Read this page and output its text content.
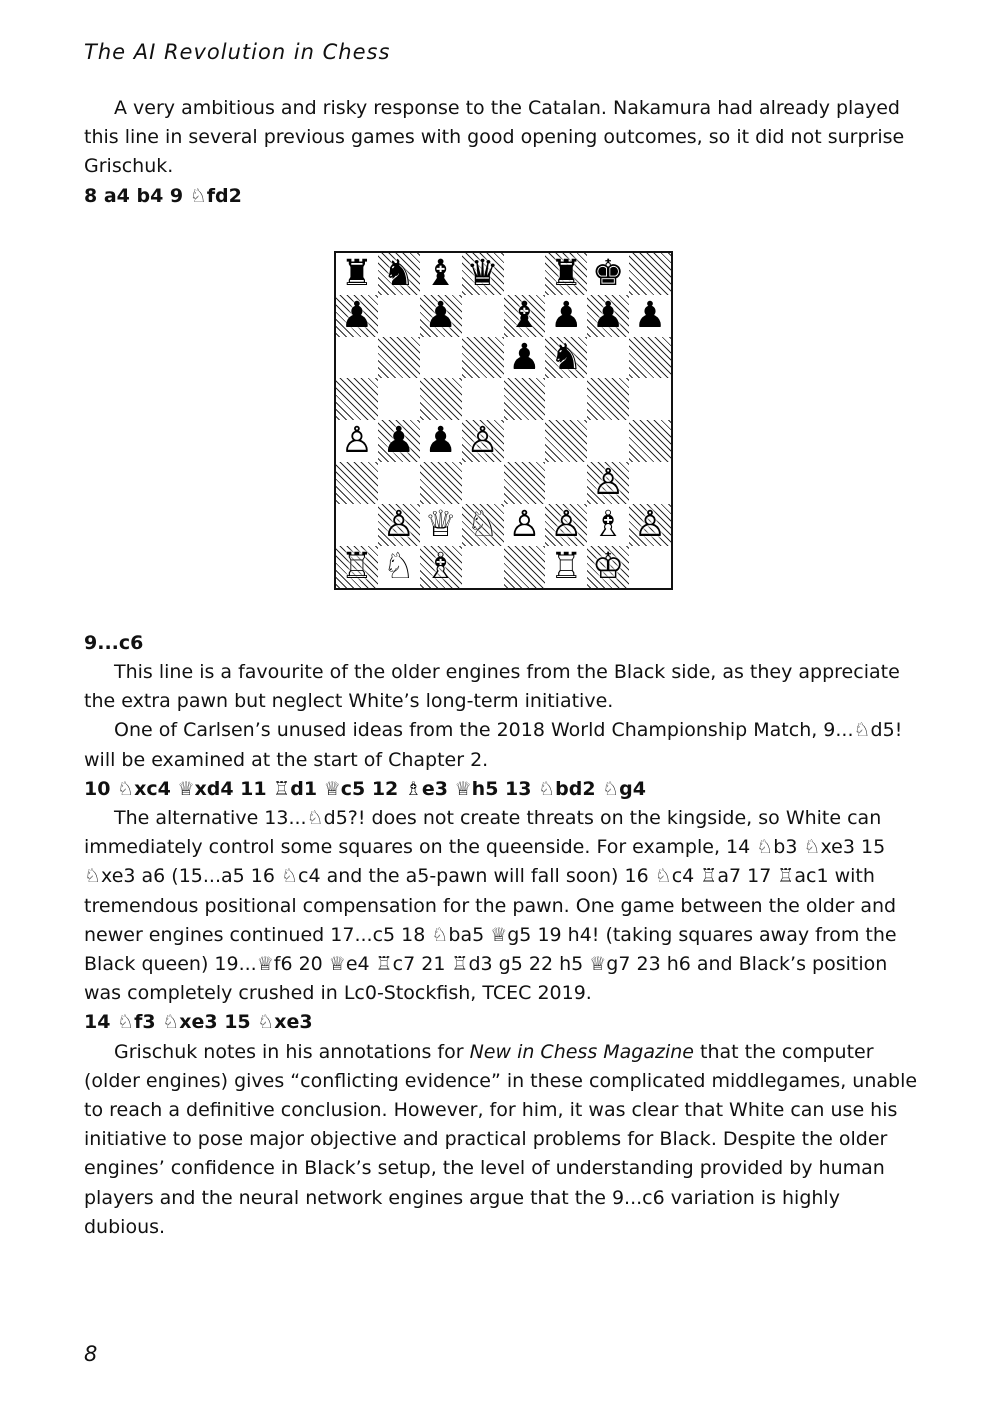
The AI Revolution in Chess

A very ambitious and risky response to the Catalan. Nakamura had already played this line in several previous games with good opening outcomes, so it did not surprise Grischuk.

8 a4 b4 9 ♘fd2

♜ ♞ ♝ ♛ ♜ ♚
♟ ♟ ♝ ♟ ♟ ♟
♟ ♞
♙ ♟ ♟ ♙
♙
♙ ♕ ♘ ♙ ♙ ♗ ♙
♖ ♘ ♗	♖ ♔

9...c6

This line is a favourite of the older engines from the Black side, as they appreciate the extra pawn but neglect White’s long-term initiative.

One of Carlsen’s unused ideas from the 2018 World Championship Match, 9...♘d5! will be examined at the start of Chapter 2.

10 ♘xc4 ♕xd4 11 ♖d1 ♕c5 12 ♗e3 ♕h5 13 ♘bd2 ♘g4

The alternative 13...♘d5?! does not create threats on the kingside, so White can immediately control some squares on the queenside. For example, 14 ♘b3 ♘xe3 15 ♘xe3 a6 (15...a5 16 ♘c4 and the a5-pawn will fall soon) 16 ♘c4 ♖a7 17 ♖ac1 with tremendous positional compensation for the pawn. One game between the older and newer engines continued 17...c5 18 ♘ba5 ♕g5 19 h4! (taking squares away from the Black queen) 19...♕f6 20 ♕e4 ♖c7 21 ♖d3 g5 22 h5 ♕g7 23 h6 and Black’s position was completely crushed in Lc0-Stockfish, TCEC 2019.

14 ♘f3 ♘xe3 15 ♘xe3

Grischuk notes in his annotations for New in Chess Magazine that the computer (older engines) gives “conflicting evidence” in these complicated middlegames, unable to reach a definitive conclusion. However, for him, it was clear that White can use his initiative to pose major objective and practical problems for Black. Despite the older engines’ confidence in Black’s setup, the level of understanding provided by human players and the neural network engines argue that the 9...c6 variation is highly dubious.

8
